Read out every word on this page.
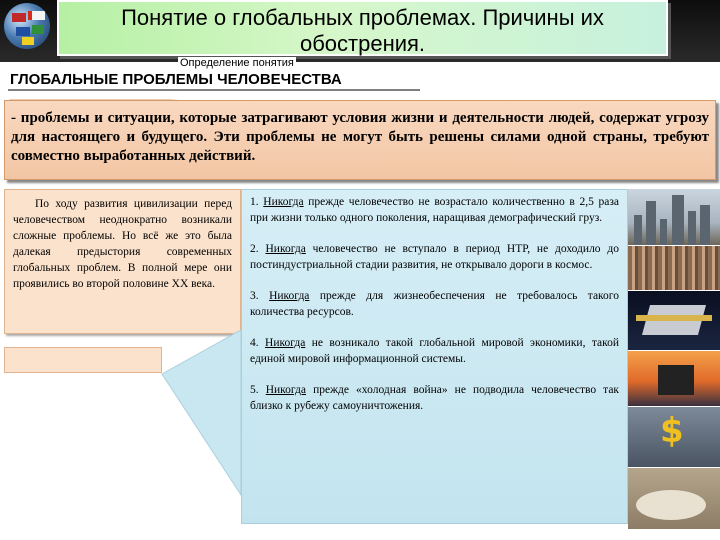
Понятие о глобальных проблемах. Причины их
обострения.
Определение понятия
ГЛОБАЛЬНЫЕ ПРОБЛЕМЫ ЧЕЛОВЕЧЕСТВА
- проблемы и ситуации, которые затрагивают условия жизни и деятельности людей, содержат угрозу для настоящего и будущего. Эти проблемы не могут быть решены силами одной страны, требуют совместно выработанных действий.

По ходу развития цивилизации перед человечеством неоднократно возникали сложные проблемы. Но всё же это была далекая предыстория современных глобальных проблем. В полной мере они проявились во второй половине XX века.

1. Никогда прежде человечество не возрастало количественно в 2,5 раза при жизни только одного поколения, наращивая демографический груз.

2. Никогда человечество не вступало в период НТР, не доходило до постиндустриальной стадии развития, не открывало дороги в космос.

3. Никогда прежде для жизнеобеспечения не требовалось такого количества ресурсов.

4. Никогда не возникало такой глобальной мировой экономики, такой единой мировой информационной системы.

5. Никогда прежде «холодная война» не подводила человечество так близко к рубежу самоуничтожения.

$
